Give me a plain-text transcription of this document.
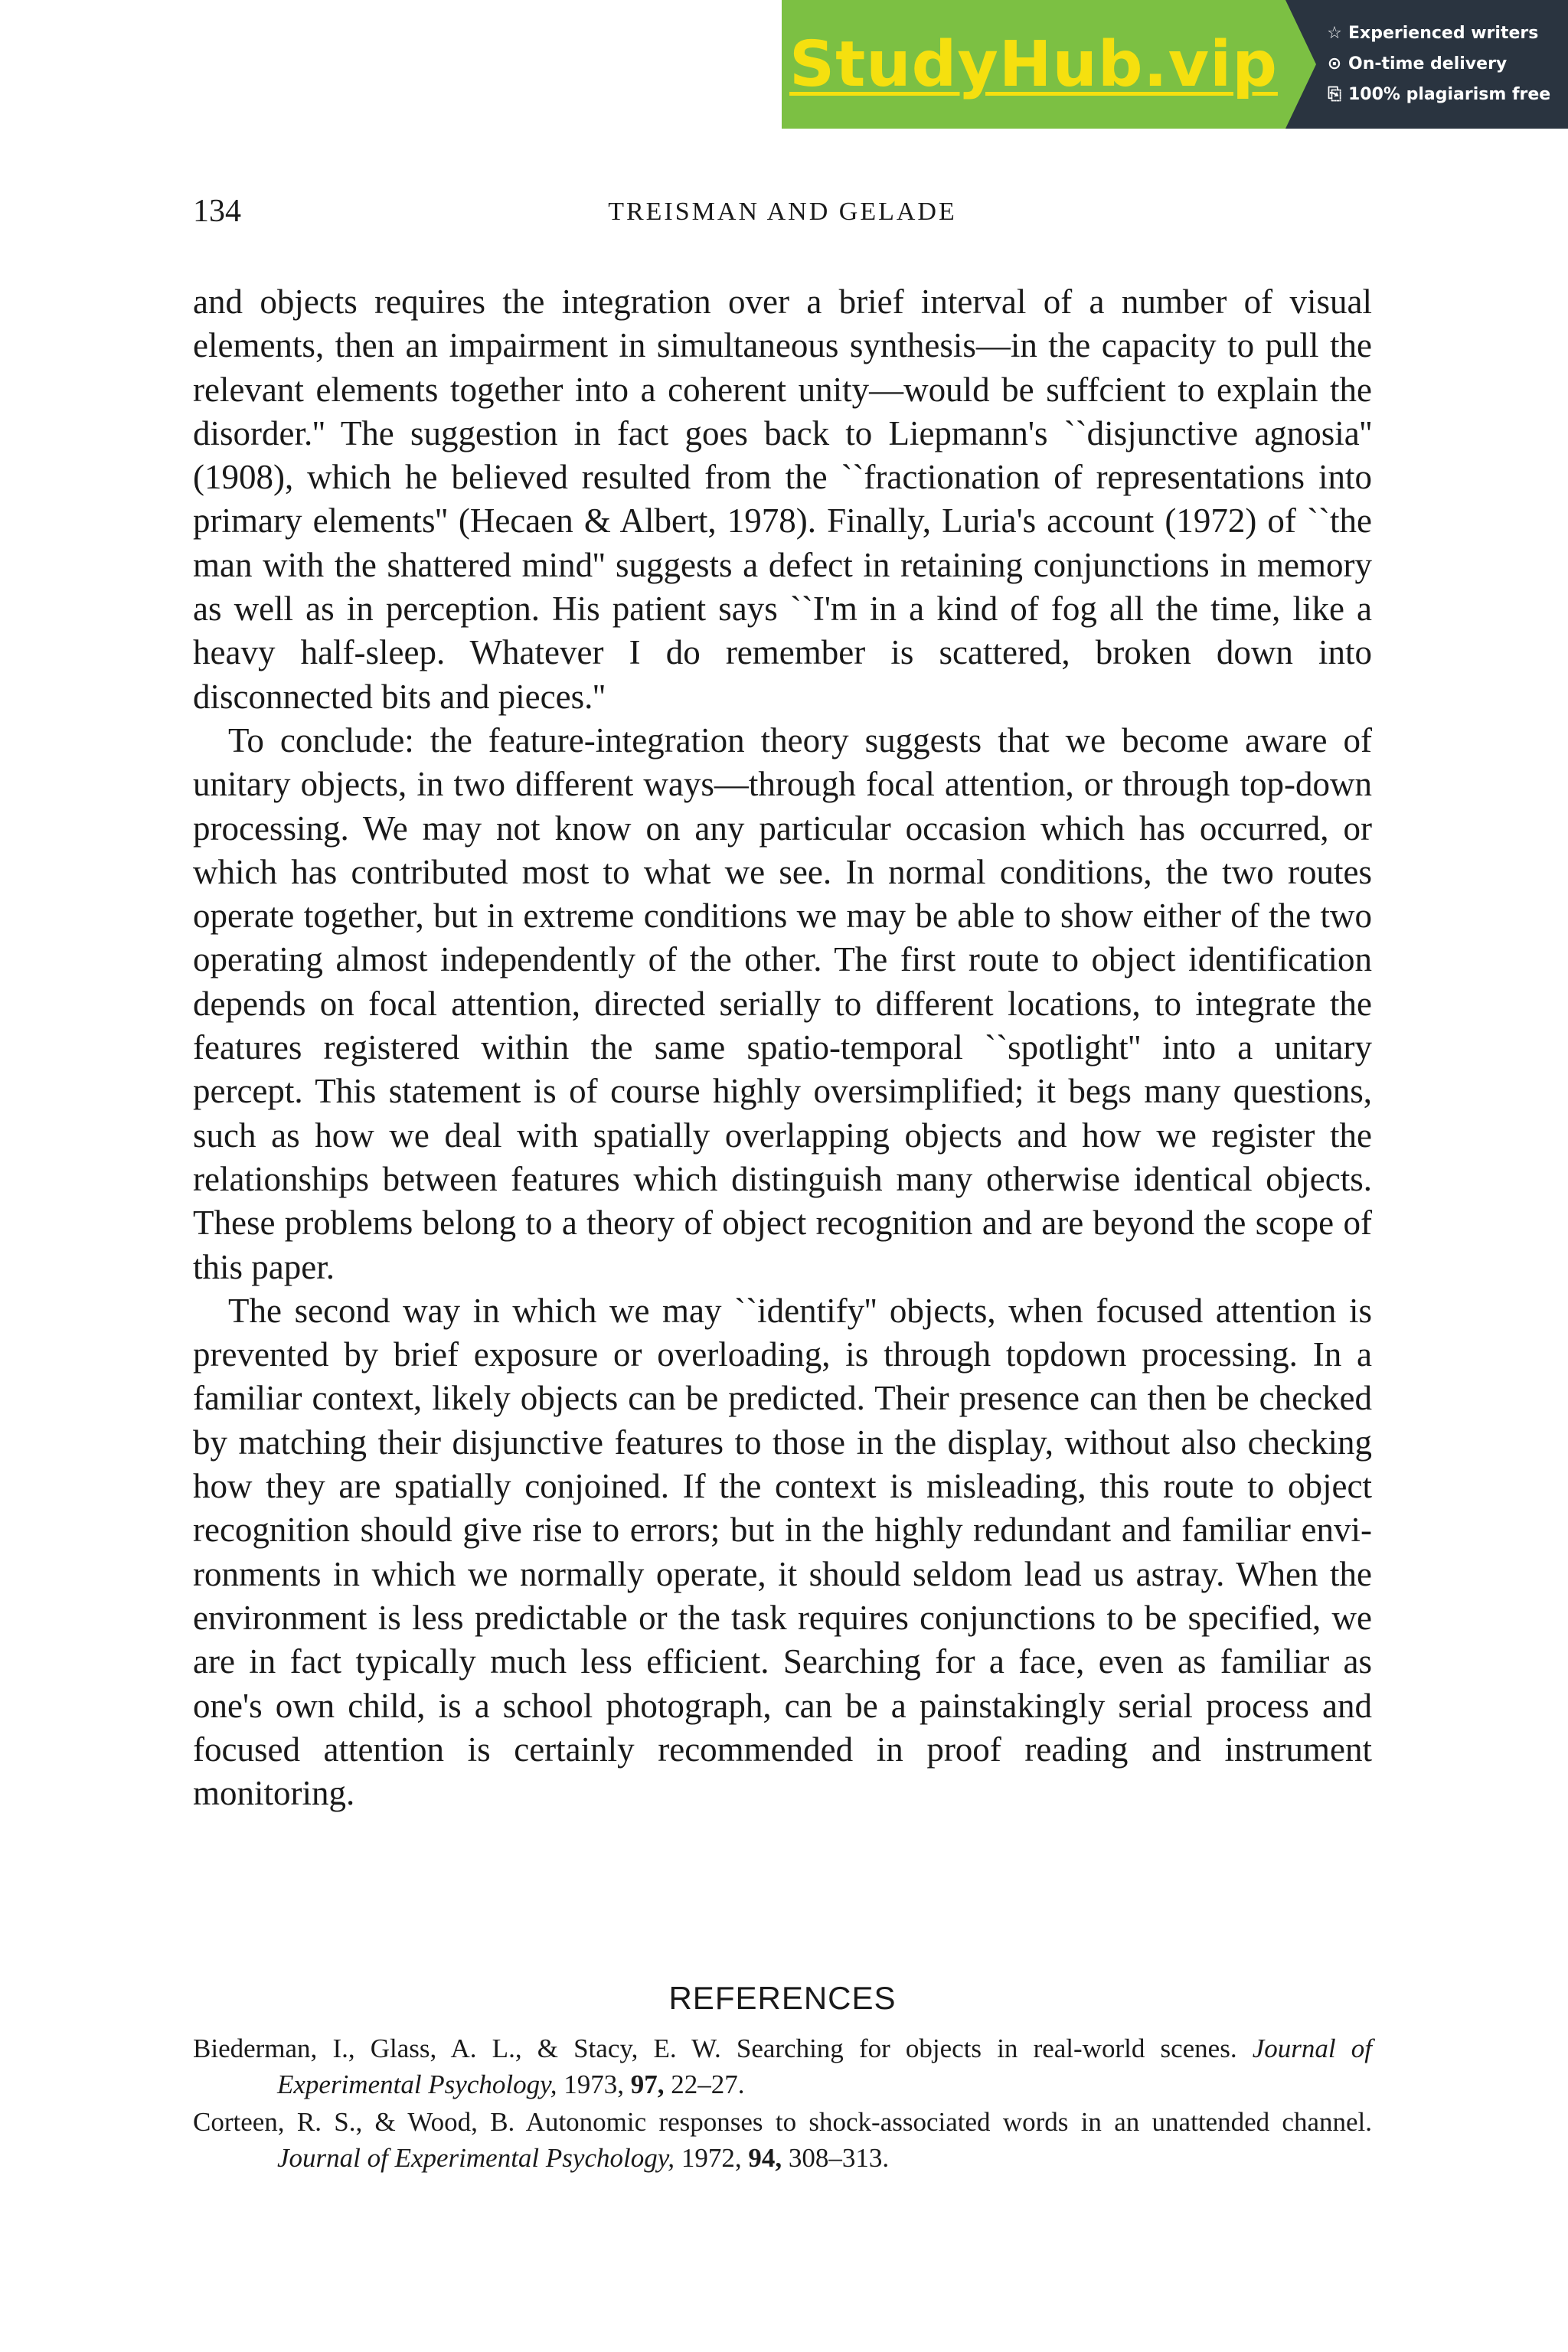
StudyHub.vip	☆ Experienced writers
⊙ On-time delivery
⎘ 100% plagiarism free
134	TREISMAN AND GELADE

and objects requires the integration over a brief interval of a number of visual elements, then an impairment in simultaneous synthesis—in the capacity to pull the relevant elements together into a coherent unity—would be suffcient to explain the disorder.'' The suggestion in fact goes back to Liepmann's ``disjunctive agnosia'' (1908), which he believed resulted from the ``fractionation of representations into primary elements'' (Hecaen & Albert, 1978). Finally, Luria's account (1972) of ``the man with the shattered mind'' suggests a defect in retaining conjunctions in memory as well as in perception. His patient says ``I'm in a kind of fog all the time, like a heavy half-sleep. Whatever I do remember is scattered, broken down into disconnected bits and pieces.''

To conclude: the feature-integration theory suggests that we become aware of unitary objects, in two different ways—through focal attention, or through top-down processing. We may not know on any particular occasion which has occurred, or which has contributed most to what we see. In normal conditions, the two routes operate together, but in extreme conditions we may be able to show either of the two operating almost independently of the other. The first route to object identification depends on focal attention, directed serially to different locations, to integrate the features registered within the same spatio-temporal ``spotlight'' into a unitary percept. This statement is of course highly oversimplified; it begs many questions, such as how we deal with spatially overlapping objects and how we register the relationships between features which distinguish many otherwise identical objects. These problems belong to a theory of object recognition and are beyond the scope of this paper.

The second way in which we may ``identify'' objects, when focused attention is prevented by brief exposure or overloading, is through topdown processing. In a familiar context, likely objects can be predicted. Their presence can then be checked by matching their disjunctive features to those in the display, without also checking how they are spatially conjoined. If the context is misleading, this route to object recognition should give rise to errors; but in the highly redundant and familiar environments in which we normally operate, it should seldom lead us astray. When the environment is less predictable or the task requires conjunctions to be specified, we are in fact typically much less efficient. Searching for a face, even as familiar as one's own child, is a school photograph, can be a painstakingly serial process and focused attention is certainly recommended in proof reading and instrument monitoring.

REFERENCES

Biederman, I., Glass, A. L., & Stacy, E. W. Searching for objects in real-world scenes. Journal of Experimental Psychology, 1973, 97, 22–27.

Corteen, R. S., & Wood, B. Autonomic responses to shock-associated words in an unattended channel. Journal of Experimental Psychology, 1972, 94, 308–313.
